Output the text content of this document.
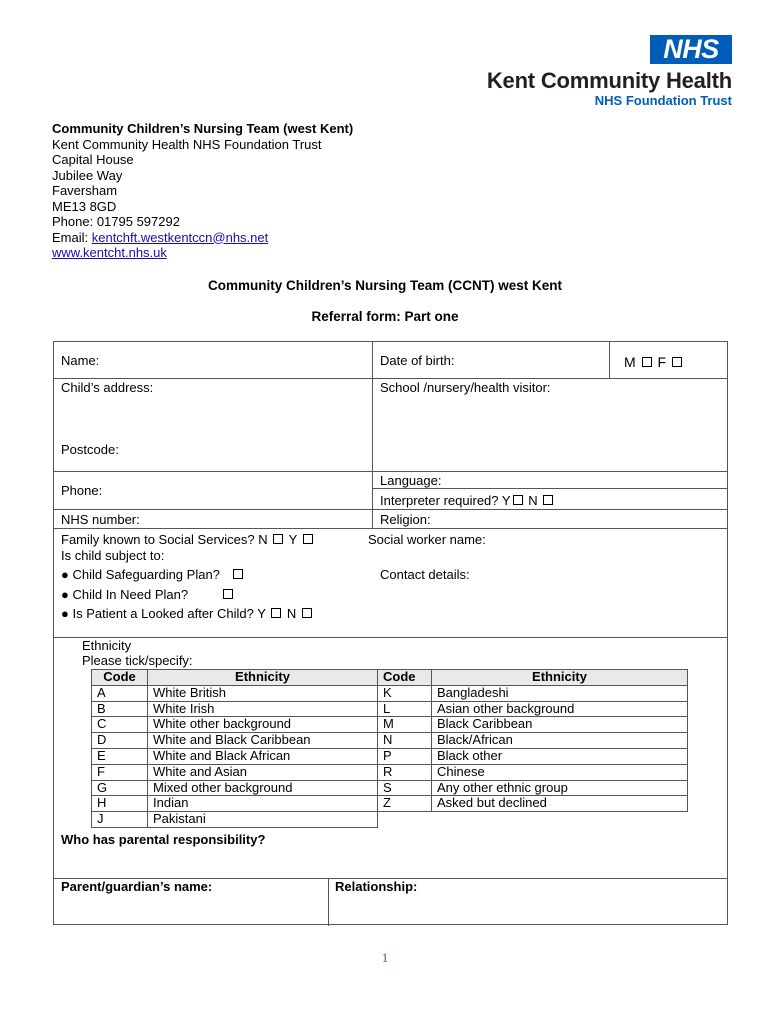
NHS
Kent Community Health
NHS Foundation Trust
Community Children’s Nursing Team (west Kent)
Kent Community Health NHS Foundation Trust
Capital House
Jubilee Way
Faversham
ME13 8GD
Phone: 01795 597292
Email: kentchft.westkentccn@nhs.net
www.kentcht.nhs.uk
Community Children’s Nursing Team (CCNT) west Kent
Referral form: Part one
Name:	Date of birth:	M F
Child’s address:	School /nursery/health visitor:
Postcode:
Language:
Phone:
Interpreter required? Y N
NHS number:	Religion:
Family known to Social Services? N Y
Is child subject to:
● Child Safeguarding Plan?
● Child In Need Plan?
● Is Patient a Looked after Child? Y N
Social worker name:
Contact details:
Ethnicity
Please tick/specify:
Code	Ethnicity	Code	Ethnicity
A	White British	K	Bangladeshi
B	White Irish	L	Asian other background
C	White other background	M	Black Caribbean
D	White and Black Caribbean	N	Black/African
E	White and Black African	P	Black other
F	White and Asian	R	Chinese
G	Mixed other background	S	Any other ethnic group
H	Indian	Z	Asked but declined
J	Pakistani		
Who has parental responsibility?
Parent/guardian’s name:	Relationship:
1
